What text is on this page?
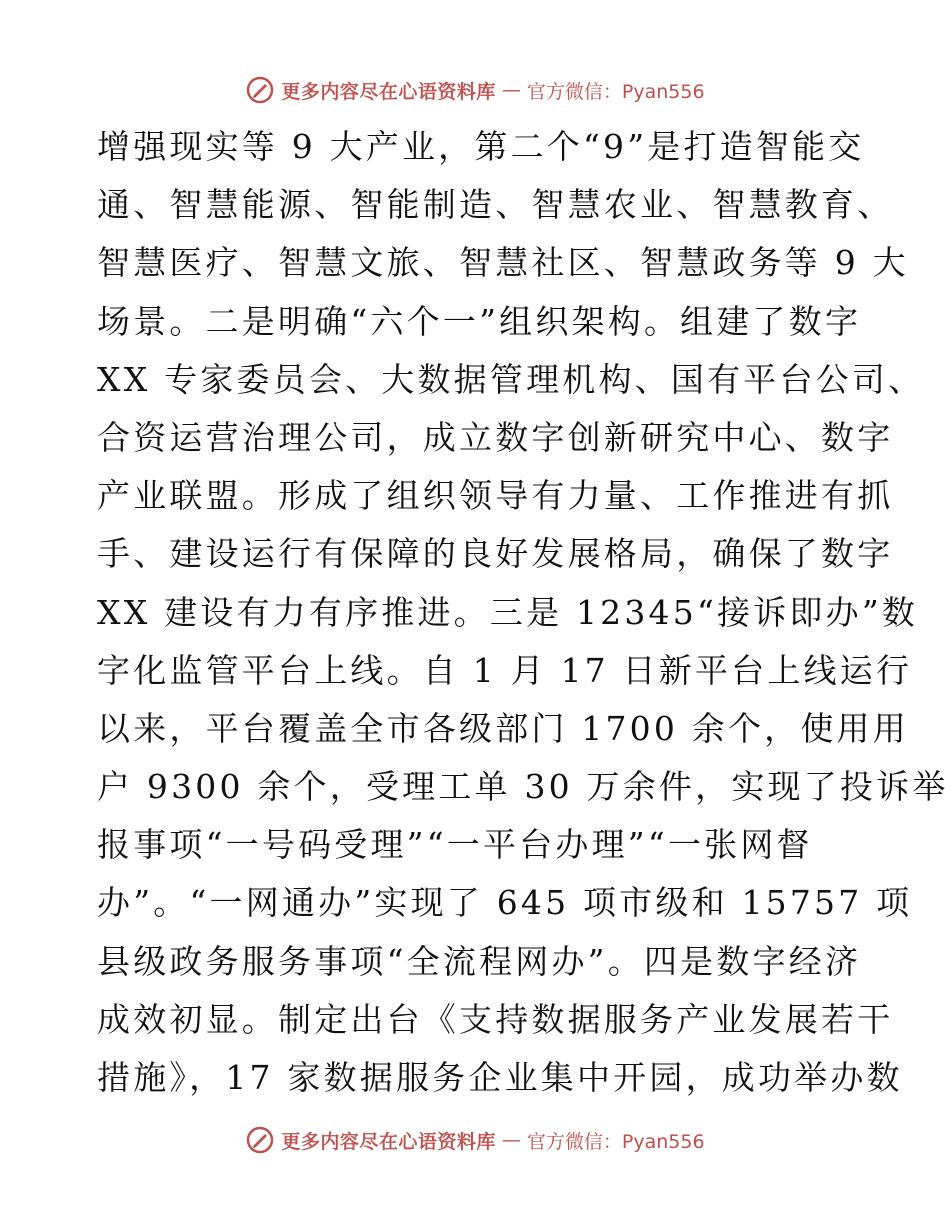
更多内容尽在心语资料库 — 官方微信：Pyan556
增强现实等 9 大产业，第二个“9”是打造智能交
通、智慧能源、智能制造、智慧农业、智慧教育、
智慧医疗、智慧文旅、智慧社区、智慧政务等 9 大
场景。二是明确“六个一”组织架构。组建了数字
XX 专家委员会、大数据管理机构、国有平台公司、
合资运营治理公司，成立数字创新研究中心、数字
产业联盟。形成了组织领导有力量、工作推进有抓
手、建设运行有保障的良好发展格局，确保了数字
XX 建设有力有序推进。三是 12345“接诉即办”数
字化监管平台上线。自 1 月 17 日新平台上线运行
以来，平台覆盖全市各级部门 1700 余个，使用用
户 9300 余个，受理工单 30 万余件，实现了投诉举
报事项“一号码受理”“一平台办理”“一张网督
办”。“一网通办”实现了 645 项市级和 15757 项
县级政务服务事项“全流程网办”。四是数字经济
成效初显。制定出台《支持数据服务产业发展若干
措施》，17 家数据服务企业集中开园，成功举办数
更多内容尽在心语资料库 — 官方微信：Pyan556
